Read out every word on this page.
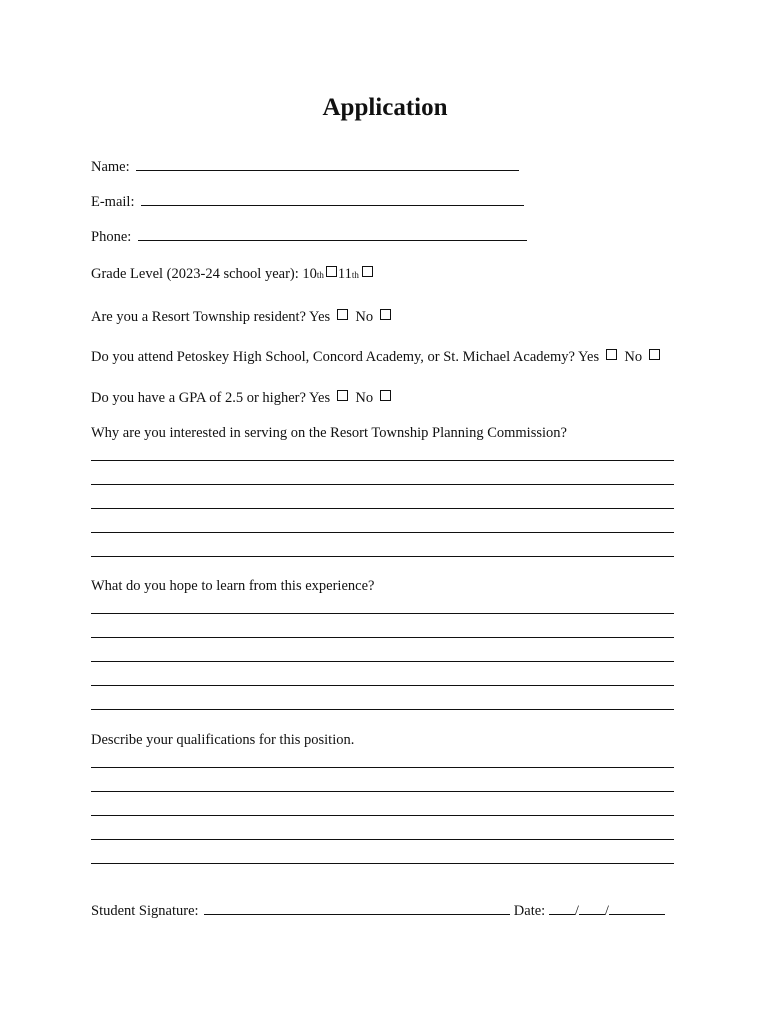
Application
Name:
E-mail:
Phone:
Grade Level (2023-24 school year): 10th 11th
Are you a Resort Township resident? Yes No
Do you attend Petoskey High School, Concord Academy, or St. Michael Academy? Yes No
Do you have a GPA of 2.5 or higher? Yes No
Why are you interested in serving on the Resort Township Planning Commission?
What do you hope to learn from this experience?
Describe your qualifications for this position.
Student Signature:	Date: / /
